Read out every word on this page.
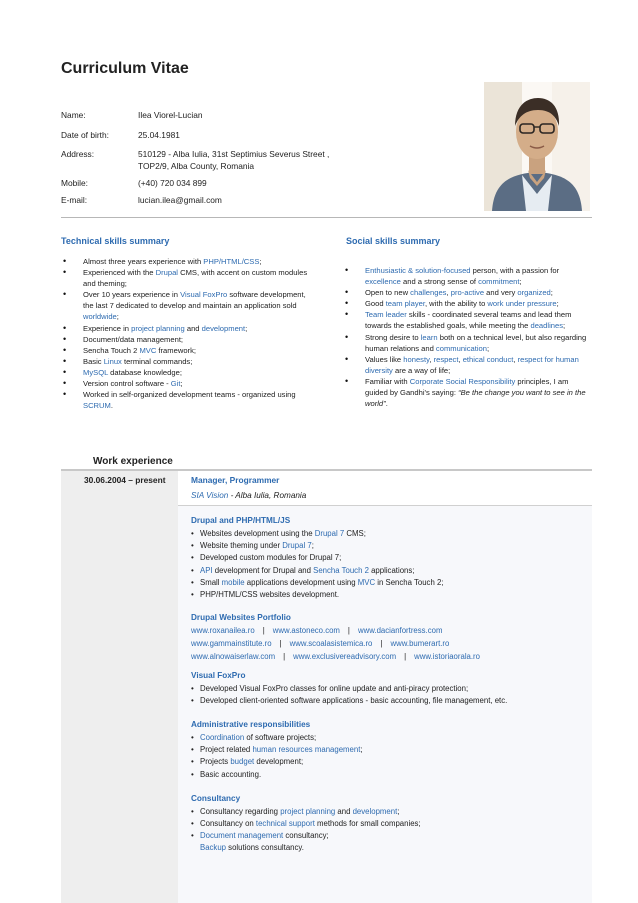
Curriculum Vitae
Name:	Ilea Viorel-Lucian
Date of birth:	25.04.1981
Address:	510129 - Alba Iulia, 31st Septimius Severus Street , TOP2/9, Alba County, Romania
Mobile:	(+40) 720 034 899
E-mail:	lucian.ilea@gmail.com
Technical skills summary
• Almost three years experience with PHP/HTML/CSS;
• Experienced with the Drupal CMS, with accent on custom modules and theming;
• Over 10 years experience in Visual FoxPro software development, the last 7 dedicated to develop and maintain an application sold worldwide;
• Experience in project planning and development;
• Document/data management;
• Sencha Touch 2 MVC framework;
• Basic Linux terminal commands;
• MySQL database knowledge;
• Version control software - Git;
• Worked in self-organized development teams - organized using SCRUM.
Social skills summary
• Enthusiastic & solution-focused person, with a passion for excellence and a strong sense of commitment;
• Open to new challenges, pro-active and very organized;
• Good team player, with the ability to work under pressure;
• Team leader skills - coordinated several teams and lead them towards the established goals, while meeting the deadlines;
• Strong desire to learn both on a technical level, but also regarding human relations and communication;
• Values like honesty, respect, ethical conduct, respect for human diversity are a way of life;
• Familiar with Corporate Social Responsibility principles, I am guided by Gandhi's saying: “Be the change you want to see in the world”.
Work experience
30.06.2004 – present	Manager, Programmer
SIA Vision - Alba Iulia, Romania
Drupal and PHP/HTML/JS
• Websites development using the Drupal 7 CMS;
• Website theming under Drupal 7;
• Developed custom modules for Drupal 7;
• API development for Drupal and Sencha Touch 2 applications;
• Small mobile applications development using MVC in Sencha Touch 2;
• PHP/HTML/CSS websites development.
Drupal Websites Portfolio
www.roxanailea.ro | www.astoneco.com | www.dacianfortress.com
www.gammainstitute.ro | www.scoalasistemica.ro | www.bumerart.ro
www.alnowaiserlaw.com | www.exclusivereadvisory.com | www.istoriaorala.ro
Visual FoxPro
• Developed Visual FoxPro classes for online update and anti-piracy protection;
• Developed client-oriented software applications - basic accounting, file management, etc.
Administrative responsibilities
• Coordination of software projects;
• Project related human resources management;
• Projects budget development;
• Basic accounting.
Consultancy
• Consultancy regarding project planning and development;
• Consultancy on technical support methods for small companies;
• Document management consultancy;
Backup solutions consultancy.
